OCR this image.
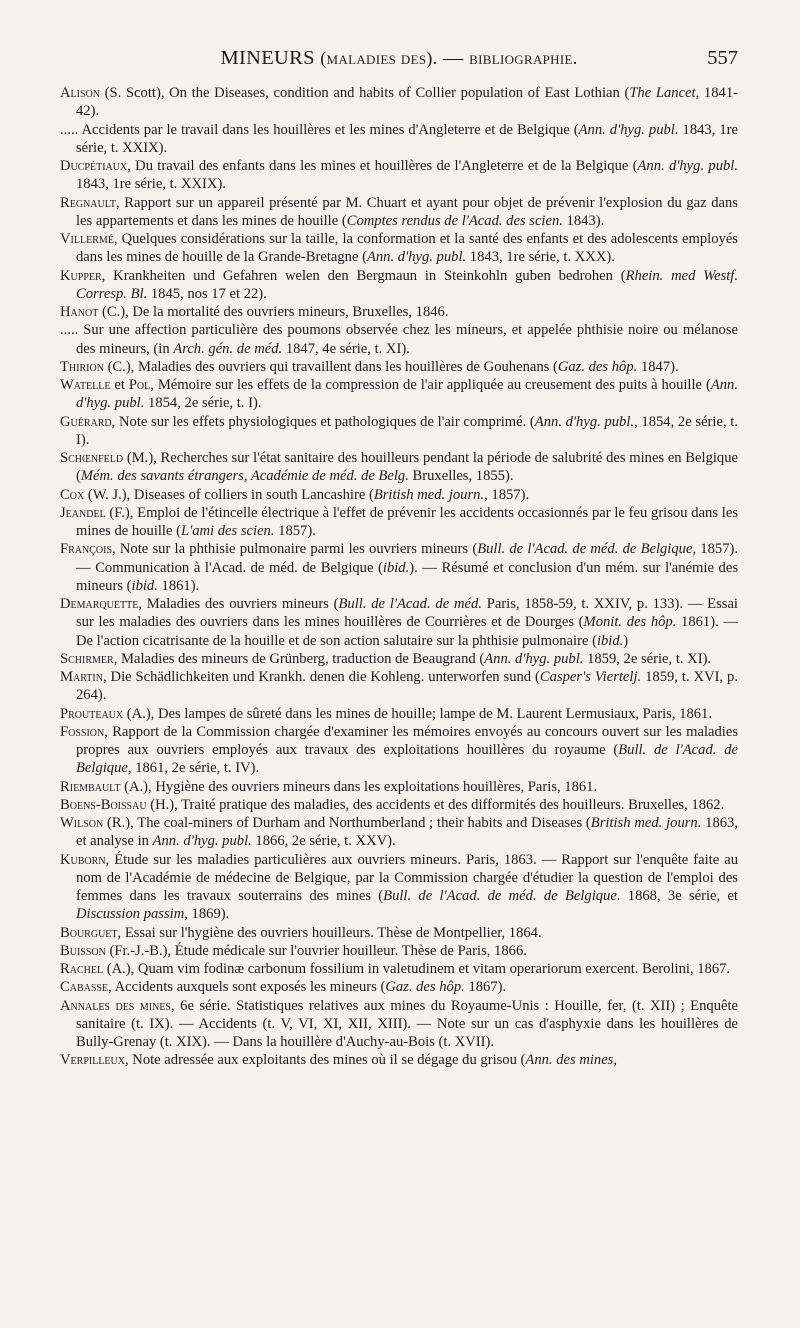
MINEURS (maladies des). — bibliographie.	557

Alison (S. Scott), On the Diseases, condition and habits of Collier population of East Lothian (The Lancet, 1841-42).

..... Accidents par le travail dans les houillères et les mines d'Angleterre et de Belgique (Ann. d'hyg. publ. 1843, 1re série, t. XXIX).

Ducpétiaux, Du travail des enfants dans les mines et houillères de l'Angleterre et de la Belgique (Ann. d'hyg. publ. 1843, 1re série, t. XXIX).

Regnault, Rapport sur un appareil présenté par M. Chuart et ayant pour objet de prévenir l'explosion du gaz dans les appartements et dans les mines de houille (Comptes rendus de l'Acad. des scien. 1843).

Villermé, Quelques considérations sur la taille, la conformation et la santé des enfants et des adolescents employés dans les mines de houille de la Grande-Bretagne (Ann. d'hyg. publ. 1843, 1re série, t. XXX).

Kupper, Krankheiten und Gefahren welen den Bergmaun in Steinkohln guben bedrohen (Rhein. med Westf. Corresp. Bl. 1845, nos 17 et 22).

Hanot (C.), De la mortalité des ouvriers mineurs, Bruxelles, 1846.

..... Sur une affection particulière des poumons observée chez les mineurs, et appelée phthisie noire ou mélanose des mineurs, (in Arch. gén. de méd. 1847, 4e série, t. XI).

Thirion (C.), Maladies des ouvriers qui travaillent dans les houillères de Gouhenans (Gaz. des hôp. 1847).

Watelle et Pol, Mémoire sur les effets de la compression de l'air appliquée au creusement des puits à houille (Ann. d'hyg. publ. 1854, 2e série, t. I).

Guérard, Note sur les effets physiologiques et pathologiques de l'air comprimé. (Ann. d'hyg. publ., 1854, 2e série, t. I).

Schœnfeld (M.), Recherches sur l'état sanitaire des houilleurs pendant la période de salubrité des mines en Belgique (Mém. des savants étrangers, Académie de méd. de Belg. Bruxelles, 1855).

Cox (W. J.), Diseases of colliers in south Lancashire (British med. journ., 1857).

Jeandel (F.), Emploi de l'étincelle électrique à l'effet de prévenir les accidents occasionnés par le feu grisou dans les mines de houille (L'ami des scien. 1857).

François, Note sur la phthisie pulmonaire parmi les ouvriers mineurs (Bull. de l'Acad. de méd. de Belgique, 1857). — Communication à l'Acad. de méd. de Belgique (ibid.). — Résumé et conclusion d'un mém. sur l'anémie des mineurs (ibid. 1861).

Demarquette, Maladies des ouvriers mineurs (Bull. de l'Acad. de méd. Paris, 1858-59, t. XXIV, p. 133). — Essai sur les maladies des ouvriers dans les mines houillères de Courrières et de Dourges (Monit. des hôp. 1861). — De l'action cicatrisante de la houille et de son action salutaire sur la phthisie pulmonaire (ibid.)

Schirmer, Maladies des mineurs de Grünberg, traduction de Beaugrand (Ann. d'hyg. publ. 1859, 2e série, t. XI).

Martin, Die Schädlichkeiten und Krankh. denen die Kohleng. unterworfen sund (Casper's Viertelj. 1859, t. XVI, p. 264).

Prouteaux (A.), Des lampes de sûreté dans les mines de houille; lampe de M. Laurent Lermusiaux, Paris, 1861.

Fossion, Rapport de la Commission chargée d'examiner les mémoires envoyés au concours ouvert sur les maladies propres aux ouvriers employés aux travaux des exploitations houillères du royaume (Bull. de l'Acad. de Belgique, 1861, 2e série, t. IV).

Riembault (A.), Hygiène des ouvriers mineurs dans les exploitations houillères, Paris, 1861.

Boens-Boissau (H.), Traité pratique des maladies, des accidents et des difformités des houilleurs. Bruxelles, 1862.

Wilson (R.), The coal-miners of Durham and Northumberland ; their habits and Diseases (British med. journ. 1863, et analyse in Ann. d'hyg. publ. 1866, 2e série, t. XXV).

Kuborn, Étude sur les maladies particulières aux ouvriers mineurs. Paris, 1863. — Rapport sur l'enquête faite au nom de l'Académie de médecine de Belgique, par la Commission chargée d'étudier la question de l'emploi des femmes dans les travaux souterrains des mines (Bull. de l'Acad. de méd. de Belgique. 1868, 3e série, et Discussion passim, 1869).

Bourguet, Essai sur l'hygiène des ouvriers houilleurs. Thèse de Montpellier, 1864.

Buisson (Fr.-J.-B.), Étude médicale sur l'ouvrier houilleur. Thèse de Paris, 1866.

Rachel (A.), Quam vim fodinæ carbonum fossilium in valetudinem et vitam operariorum exercent. Berolini, 1867.

Cabasse, Accidents auxquels sont exposés les mineurs (Gaz. des hôp. 1867).

Annales des mines, 6e série. Statistiques relatives aux mines du Royaume-Unis : Houille, fer, (t. XII) ; Enquête sanitaire (t. IX). — Accidents (t. V, VI, XI, XII, XIII). — Note sur un cas d'asphyxie dans les houillères de Bully-Grenay (t. XIX). — Dans la houillère d'Auchy-au-Bois (t. XVII).

Verpilleux, Note adressée aux exploitants des mines où il se dégage du grisou (Ann. des mines,
